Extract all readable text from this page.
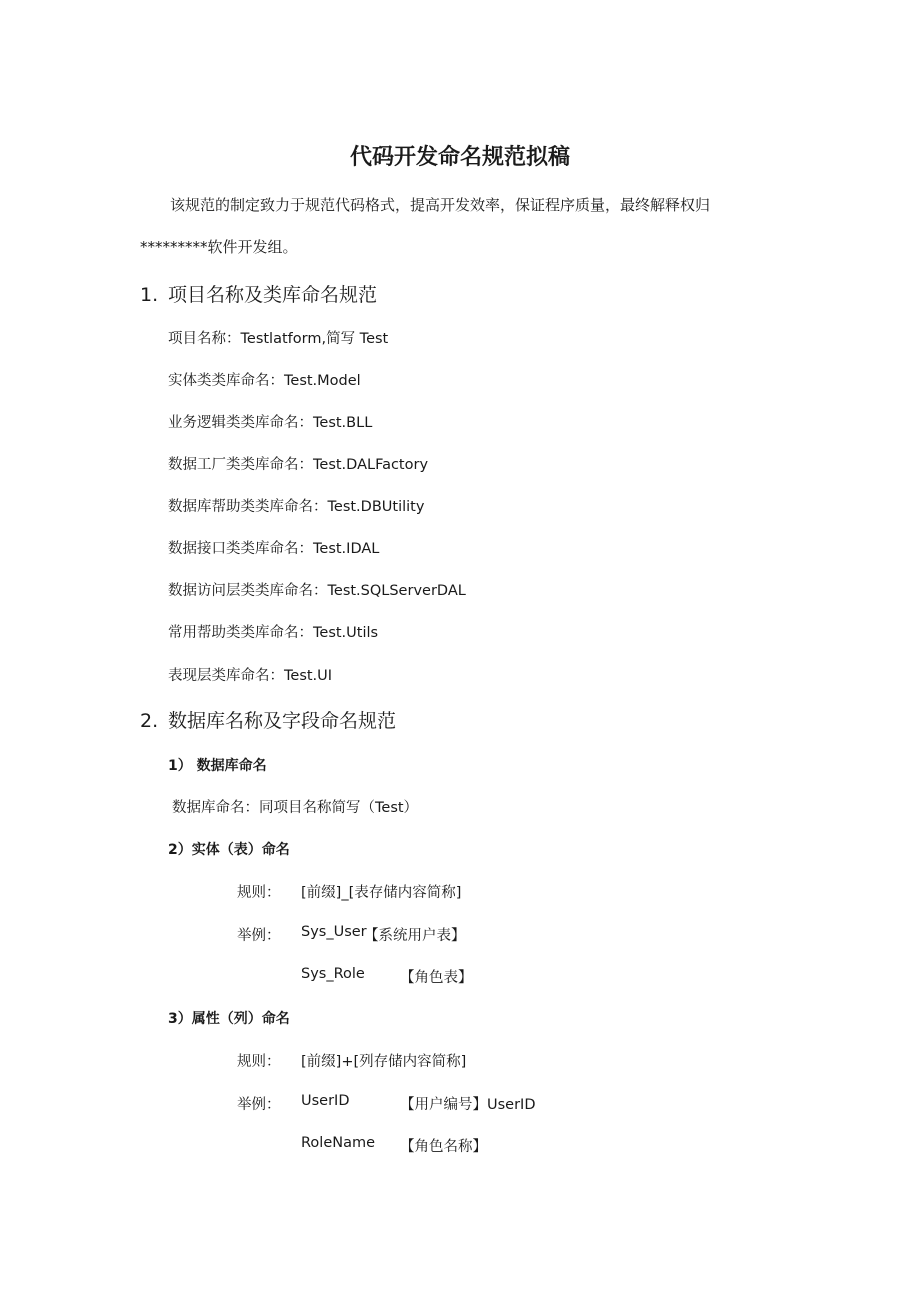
代码开发命名规范拟稿
该规范的制定致力于规范代码格式，提高开发效率，保证程序质量，最终解释权归
*********软件开发组。
1. 项目名称及类库命名规范
项目名称：Testlatform,简写 Test
实体类类库命名：Test.Model
业务逻辑类类库命名：Test.BLL
数据工厂类类库命名：Test.DALFactory
数据库帮助类类库命名：Test.DBUtility
数据接口类类库命名：Test.IDAL
数据访问层类类库命名：Test.SQLServerDAL
常用帮助类类库命名：Test.Utils
表现层类库命名：Test.UI
2. 数据库名称及字段命名规范
1） 数据库命名
数据库命名：同项目名称简写（Test）
2）实体（表）命名
规则： [前缀]_[表存储内容简称]
举例： Sys_User
【系统用户表】
Sys_Role 【角色表】
3）属性（列）命名
规则： [前缀]+[列存储内容简称]
举例： UserID	【用户编号】UserID
RoleName 【角色名称】
